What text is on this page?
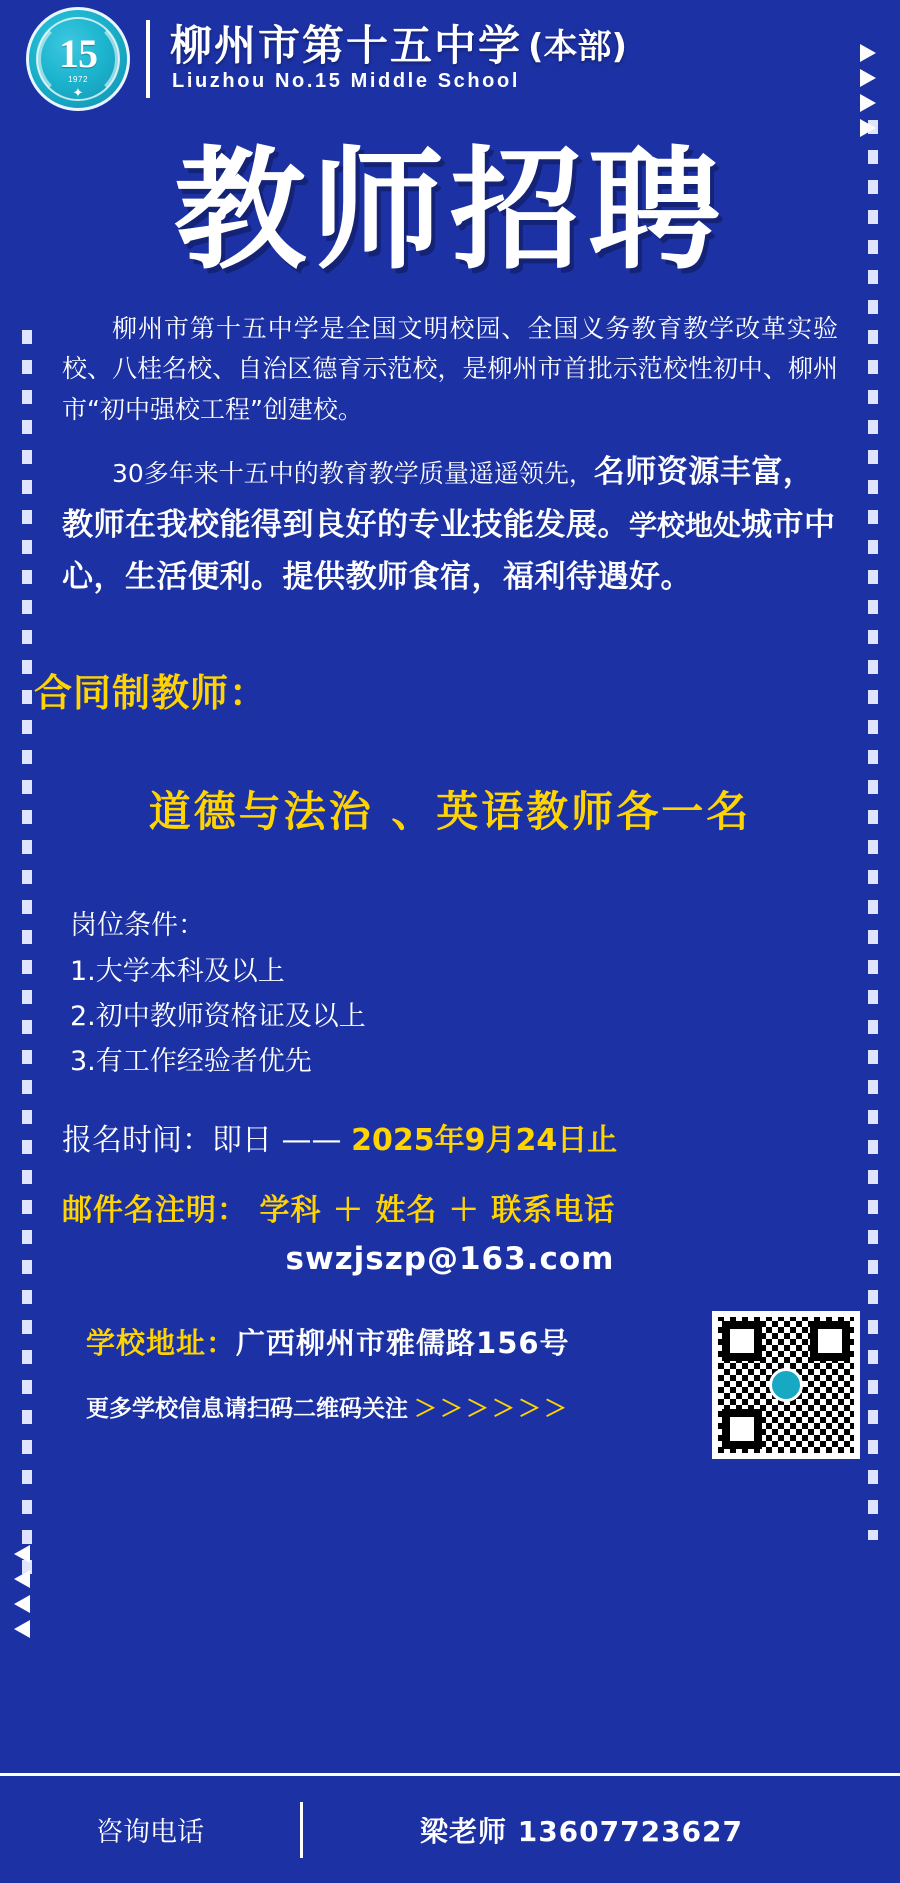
15
1972
✦
柳州市第十五中学 (本部)
Liuzhou No.15 Middle School
教师招聘
柳州市第十五中学是全国文明校园、全国义务教育教学改革实验校、八桂名校、自治区德育示范校，是柳州市首批示范校性初中、柳州市“初中强校工程”创建校。
30多年来十五中的教育教学质量遥遥领先，名师资源丰富，教师在我校能得到良好的专业技能发展。学校地处城市中心，生活便利。提供教师食宿，福利待遇好。
合同制教师：
道德与法治 、英语教师各一名
岗位条件：
1.大学本科及以上
2.初中教师资格证及以上
3.有工作经验者优先
报名时间：即日 —— 2025年9月24日止
邮件名注明： 学科 ＋ 姓名 ＋ 联系电话
swzjszp@163.com
学校地址：广西柳州市雅儒路156号
更多学校信息请扫码二维码关注 ＞＞＞＞＞＞
咨询电话	梁老师 13607723627
